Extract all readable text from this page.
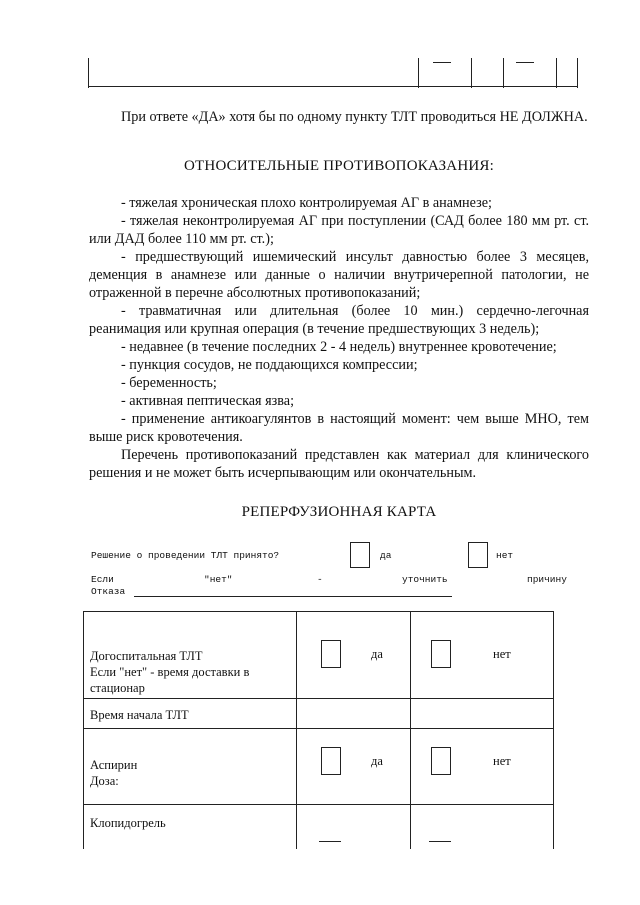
При ответе «ДА» хотя бы по одному пункту ТЛТ проводиться НЕ ДОЛЖНА.
ОТНОСИТЕЛЬНЫЕ ПРОТИВОПОКАЗАНИЯ:
- тяжелая хроническая плохо контролируемая АГ в анамнезе;
- тяжелая неконтролируемая АГ при поступлении (САД более 180 мм рт. ст. или ДАД более 110 мм рт. ст.);
- предшествующий ишемический инсульт давностью более 3 месяцев, деменция в анамнезе или данные о наличии внутричерепной патологии, не отраженной в перечне абсолютных противопоказаний;
- травматичная или длительная (более 10 мин.) сердечно-легочная реанимация или крупная операция (в течение предшествующих 3 недель);
- недавнее (в течение последних 2 - 4 недель) внутреннее кровотечение;
- пункция сосудов, не поддающихся компрессии;
- беременность;
- активная пептическая язва;
- применение антикоагулянтов в настоящий момент: чем выше МНО, тем выше риск кровотечения.
Перечень противопоказаний представлен как материал для клинического решения и не может быть исчерпывающим или окончательным.
РЕПЕРФУЗИОННАЯ КАРТА
Решение о проведении ТЛТ принято?	да	нет
Если	"нет"	-	уточнить	причину
Отказа
Догоспитальная ТЛТ
Если "нет" - время доставки в стационар	да	нет

Время начала ТЛТ		

Аспирин
Доза:	да	нет

Клопидогрель		
